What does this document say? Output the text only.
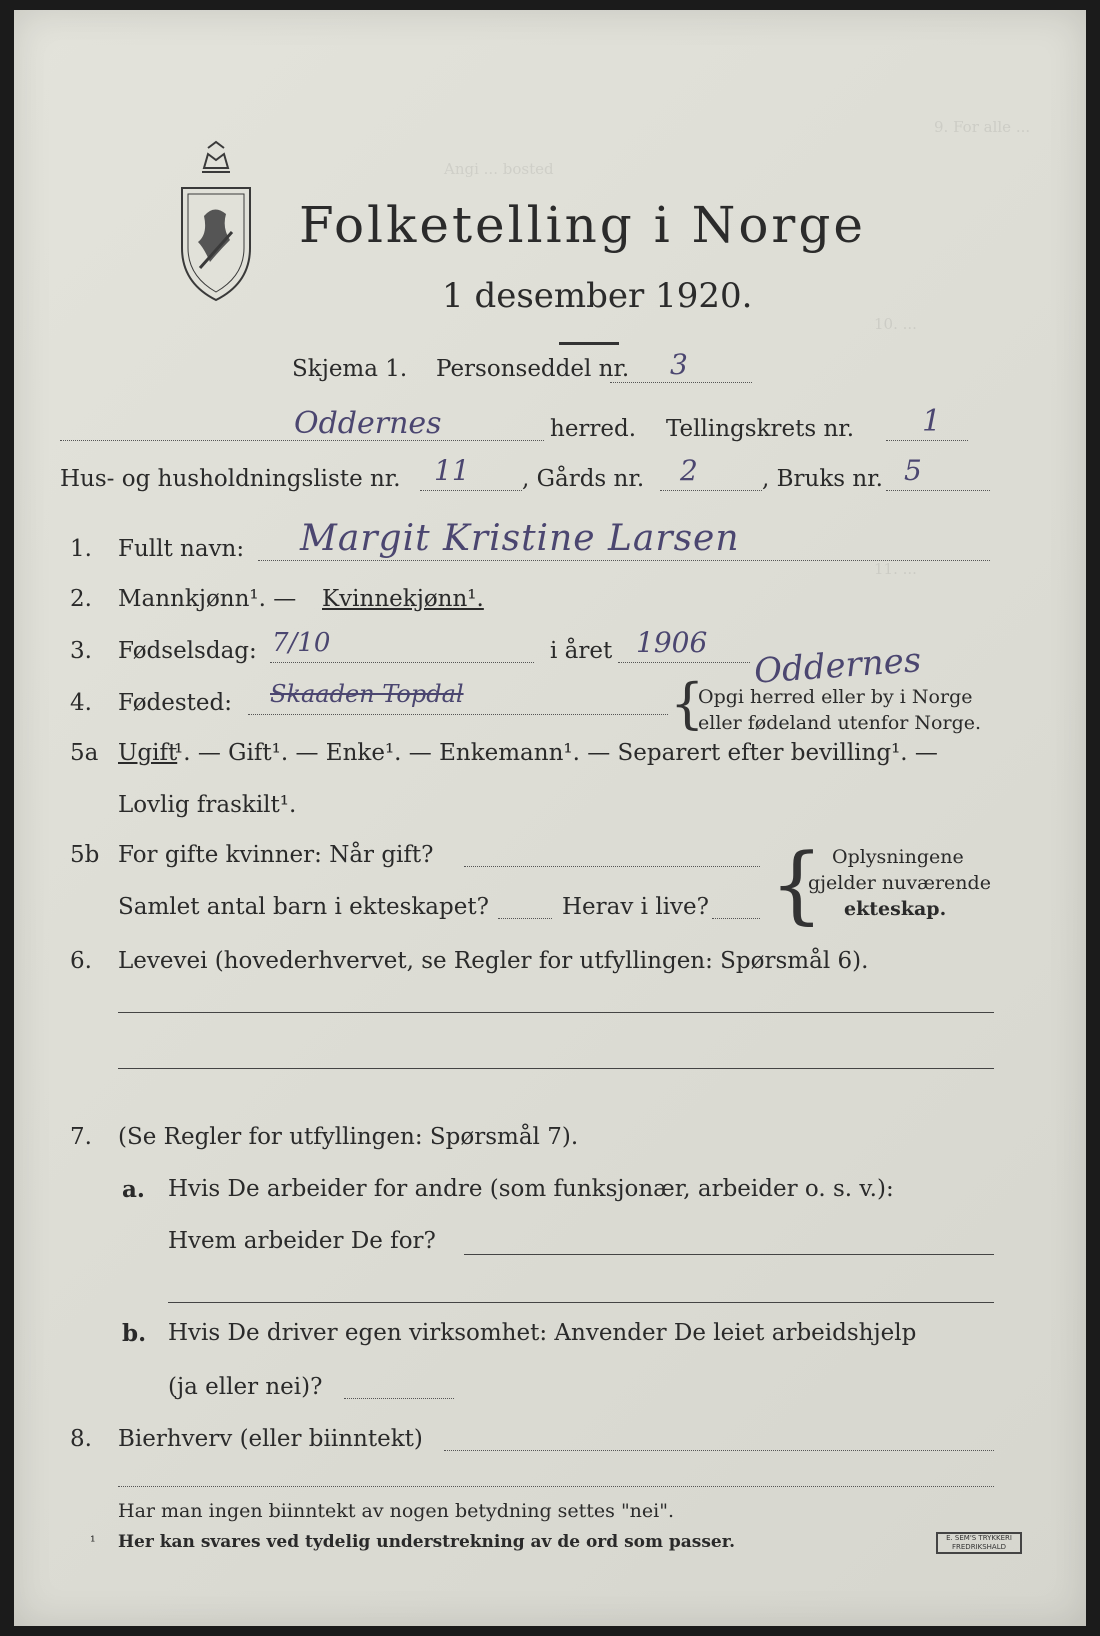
9. For alle ...
Angi ... bosted
10. ...
11. ...
Folketelling i Norge
1 desember 1920.
Skjema 1. Personseddel nr. 3
Oddernes	herred. Tellingskrets nr. 1
Hus- og husholdningsliste nr. 11 , Gårds nr. 2	, Bruks nr. 5
1. Fullt navn: Margit Kristine Larsen
2. Mannkjønn¹. — Kvinnekjønn¹.
3. Fødselsdag: 7/10	i året 1906
4. Fødested: Skaaden Topdal
Oddernes
{
Opgi herred eller by i Norge
eller fødeland utenfor Norge.
5a Ugift
¹. — Gift¹. — Enke¹. — Enkemann¹. — Separert efter bevilling¹. —
Lovlig fraskilt¹.
5b For gifte kvinner: Når gift?
Samlet antal barn i ekteskapet?	Herav i live? { Oplysningene
gjelder nuværende
ekteskap.
6. Levevei (hovederhvervet, se Regler for utfyllingen: Spørsmål 6).
7. (Se Regler for utfyllingen: Spørsmål 7).
a. Hvis De arbeider for andre (som funksjonær, arbeider o. s. v.):
Hvem arbeider De for?
b. Hvis De driver egen virksomhet: Anvender De leiet arbeidshjelp
(ja eller nei)?
8. Bierhverv (eller biinntekt)
Har man ingen biinntekt av nogen betydning settes "nei".
¹ Her kan svares ved tydelig understrekning av de ord som passer.	E. SEM'S TRYKKERI FREDRIKSHALD
